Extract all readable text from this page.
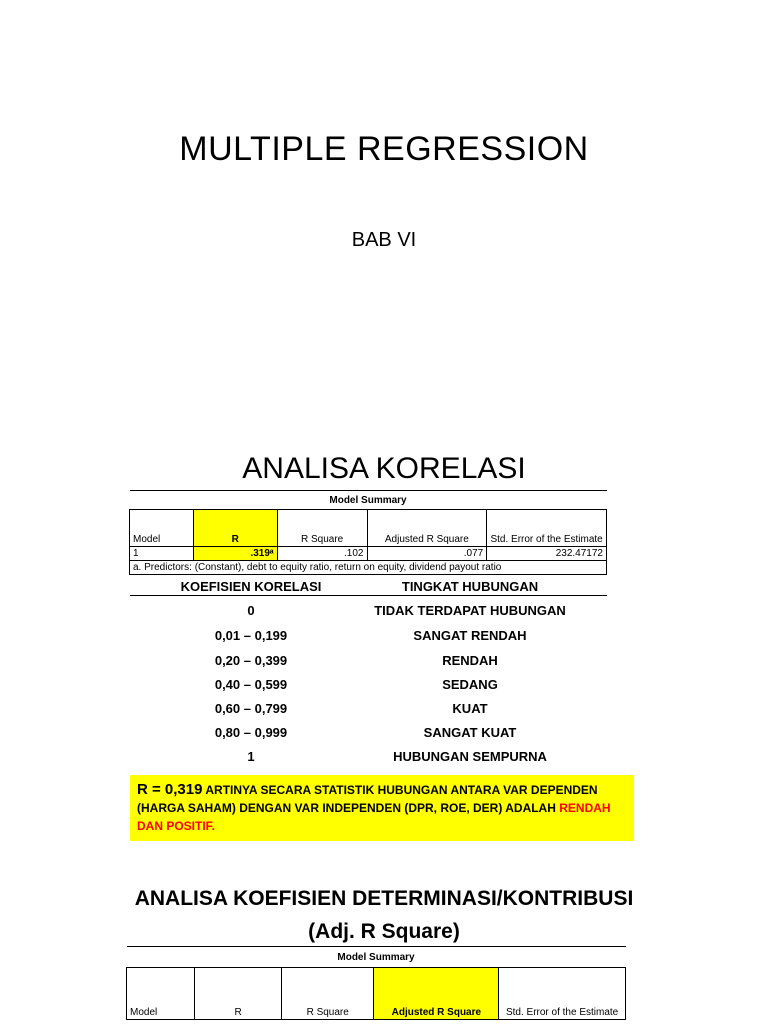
MULTIPLE REGRESSION
BAB VI
ANALISA KORELASI
Model Summary				
Model	R	R Square	Adjusted R Square	Std. Error of the Estimate
1	.319ᵃ	.102	.077	232.47172
a. Predictors: (Constant), debt to equity ratio, return on equity, dividend payout ratio				
KOEFISIEN KORELASI	TINGKAT HUBUNGAN
0	TIDAK TERDAPAT HUBUNGAN
0,01 – 0,199	SANGAT RENDAH
0,20 – 0,399	RENDAH
0,40 – 0,599	SEDANG
0,60 – 0,799	KUAT
0,80 – 0,999	SANGAT KUAT
1	HUBUNGAN SEMPURNA
R = 0,319 ARTINYA SECARA STATISTIK HUBUNGAN ANTARA VAR DEPENDEN (HARGA SAHAM) DENGAN VAR INDEPENDEN (DPR, ROE, DER) ADALAH RENDAH DAN POSITIF.
ANALISA KOEFISIEN DETERMINASI/KONTRIBUSI
(Adj. R Square)
Model Summary
Model	R	R Square	Adjusted R Square	Std. Error of the Estimate
